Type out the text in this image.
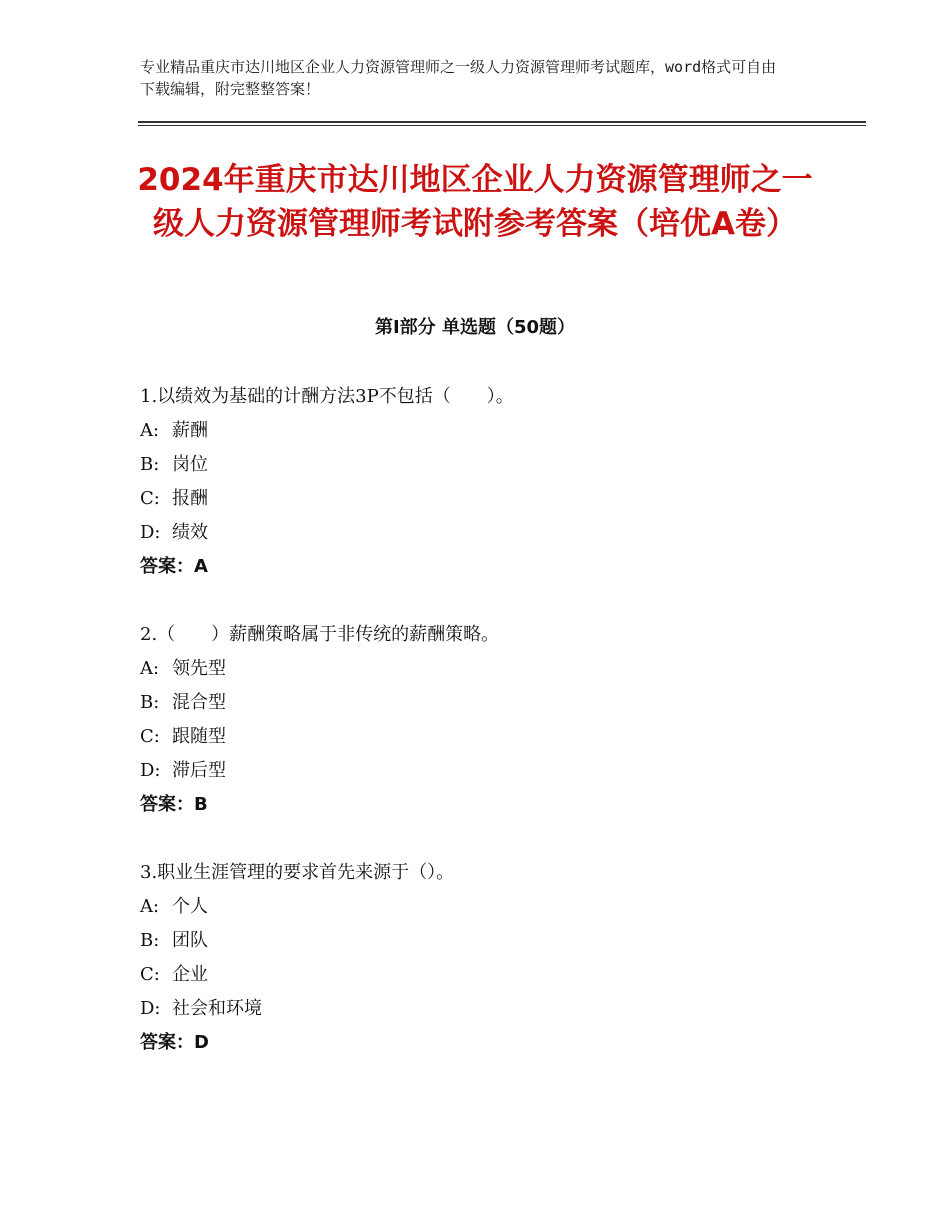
专业精品重庆市达川地区企业人力资源管理师之一级人力资源管理师考试题库，word格式可自由下载编辑，附完整整答案！
2024年重庆市达川地区企业人力资源管理师之一级人力资源管理师考试附参考答案（培优A卷）
第Ⅰ部分 单选题（50题）
1.以绩效为基础的计酬方法3P不包括（　　）。
A: 薪酬
B: 岗位
C: 报酬
D: 绩效
答案：A
2.（　　）薪酬策略属于非传统的薪酬策略。
A: 领先型
B: 混合型
C: 跟随型
D: 滞后型
答案：B
3.职业生涯管理的要求首先来源于（）。
A: 个人
B: 团队
C: 企业
D: 社会和环境
答案：D
